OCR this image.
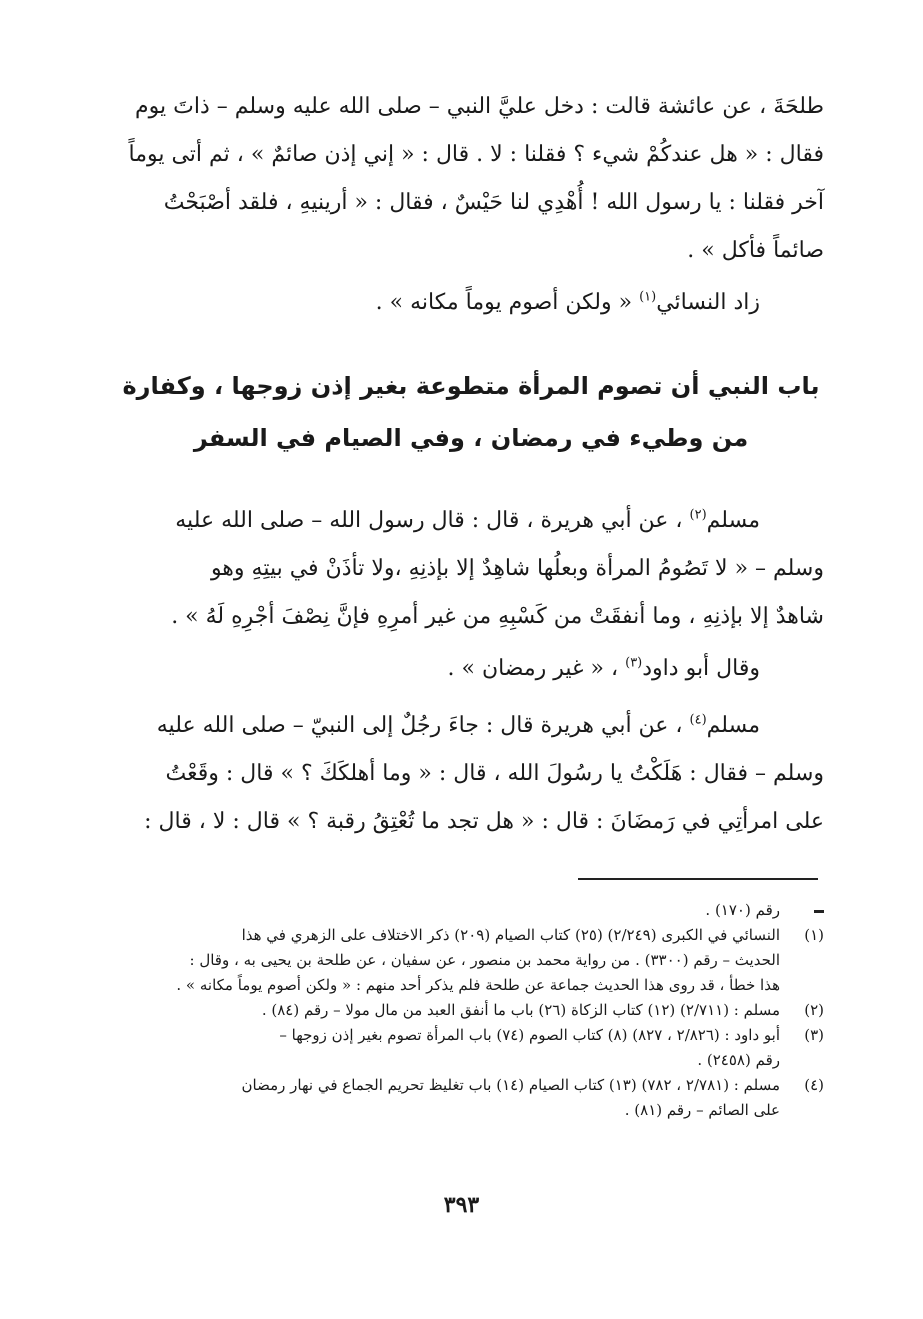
طلحَةَ ، عن عائشة قالت : دخل عليَّ النبي – صلى الله عليه وسلم – ذاتَ يوم
فقال : « هل عندكُمْ شيء ؟ فقلنا : لا . قال : « إني إذن صائمٌ » ، ثم أتى يوماً
آخر فقلنا : يا رسول الله ! أُهْدِي لنا حَيْسٌ ، فقال : « أرينيهِ ، فلقد أصْبَحْتُ
صائماً فأكل » .
زاد النسائي$^{(١)}$ « ولكن أصوم يوماً مكانه » .
باب النبي أن تصوم المرأة متطوعة بغير إذن زوجها ، وكفارة
من وطيء في رمضان ، وفي الصيام في السفر
مسلم$^{(٢)}$ ، عن أبي هريرة ، قال : قال رسول الله – صلى الله عليه
وسلم – « لا تَصُومُ المرأة وبعلُها شاهِدٌ إلا بإذنِهِ ،ولا تأذَنْ في بيتِهِ وهو
شاهدٌ إلا بإذنِهِ ، وما أنفقَتْ من كَسْبِهِ من غير أمرِهِ فإنَّ نِصْفَ أجْرِهِ لَهُ » .
وقال أبو داود$^{(٣)}$ ، « غير رمضان » .
مسلم$^{(٤)}$ ، عن أبي هريرة قال : جاءَ رجُلٌ إلى النبيّ – صلى الله عليه
وسلم – فقال : هَلَكْتُ يا رسُولَ الله ، قال : « وما أهلكَكَ ؟ » قال : وقَعْتُ
على امرأتِي في رَمضَانَ : قال : « هل تجد ما تُعْتِقُ رقبة ؟ » قال : لا ، قال :
رقم (١٧٠) .
(١)
النسائي في الكبرى (٢/٢٤٩) (٢٥) كتاب الصيام (٢٠٩) ذكر الاختلاف على الزهري في هذا
الحديث – رقم (٣٣٠٠) . من رواية محمد بن منصور ، عن سفيان ، عن طلحة بن يحيى به ، وقال :
هذا خطأ ، قد روى هذا الحديث جماعة عن طلحة فلم يذكر أحد منهم : « ولكن أصوم يوماً مكانه » .
(٢)
مسلم : (٢/٧١١) (١٢) كتاب الزكاة (٢٦) باب ما أنفق العبد من مال مولا – رقم (٨٤) .
(٣)
أبو داود : (٢/٨٢٦ ، ٨٢٧) (٨) كتاب الصوم (٧٤) باب المرأة تصوم بغير إذن زوجها –
رقم (٢٤٥٨) .
(٤)
مسلم : (٢/٧٨١ ، ٧٨٢) (١٣) كتاب الصيام (١٤) باب تغليظ تحريم الجماع في نهار رمضان
على الصائم – رقم (٨١) .
٣٩٣
